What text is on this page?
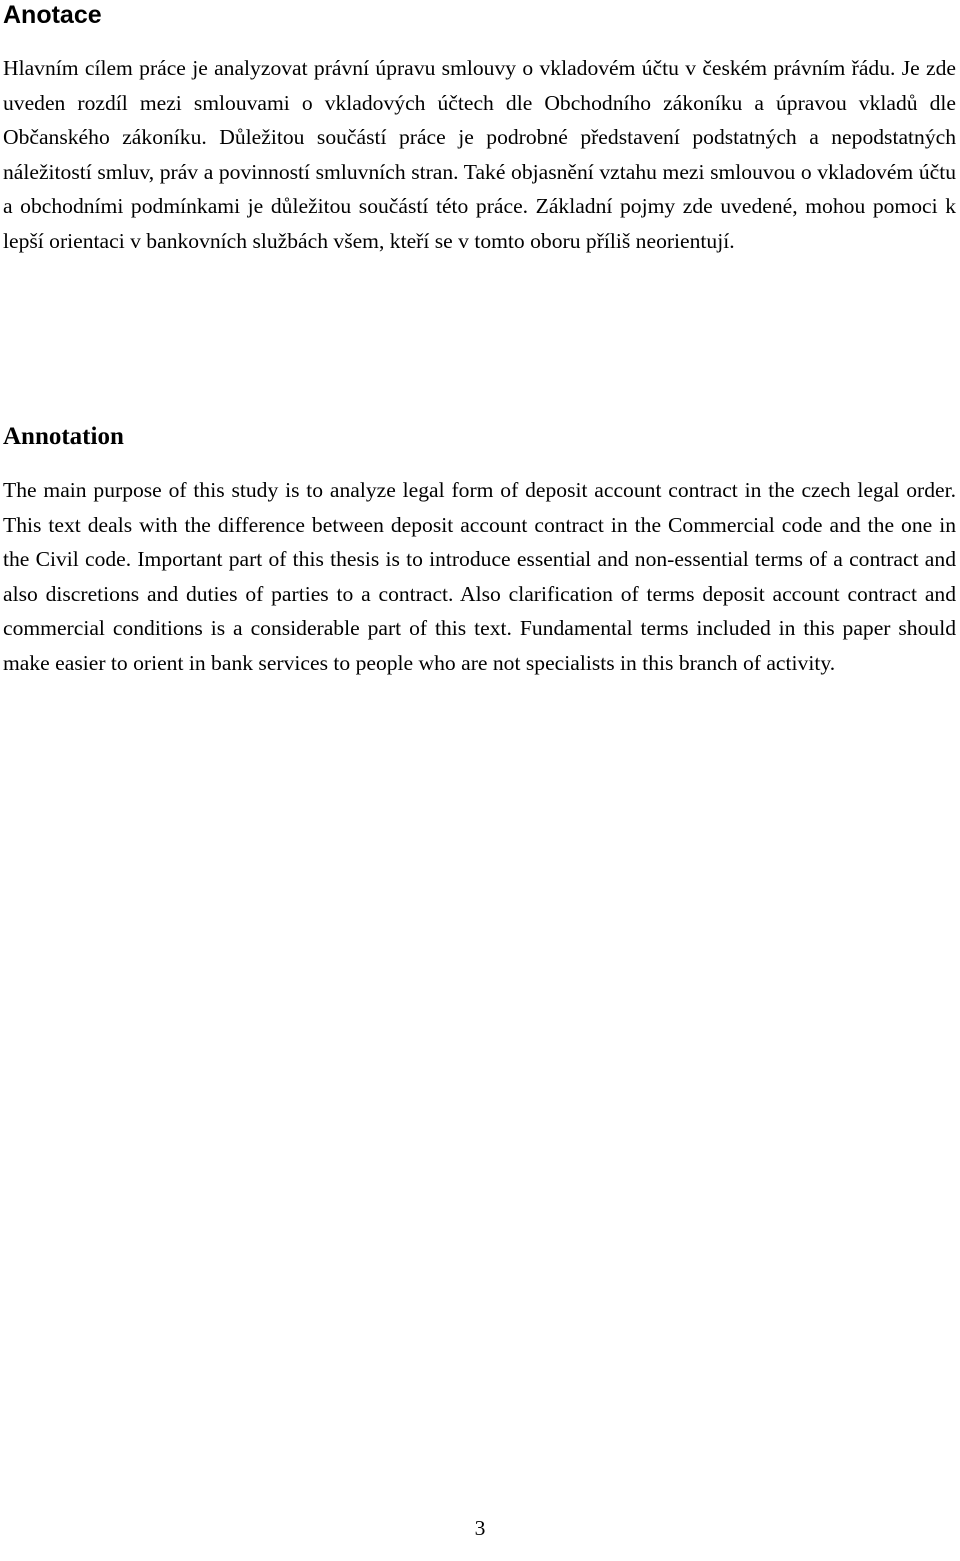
Anotace

Hlavním cílem práce je analyzovat právní úpravu smlouvy o vkladovém účtu v českém právním řádu. Je zde uveden rozdíl mezi smlouvami o vkladových účtech dle Obchodního zákoníku a úpravou vkladů dle Občanského zákoníku. Důležitou součástí práce je podrobné představení podstatných a nepodstatných náležitostí smluv, práv a povinností smluvních stran. Také objasnění vztahu mezi smlouvou o vkladovém účtu a obchodními podmínkami je důležitou součástí této práce. Základní pojmy zde uvedené, mohou pomoci k lepší orientaci v bankovních službách všem, kteří se v tomto oboru příliš neorientují.

Annotation

The main purpose of this study is to analyze legal form of deposit account contract in the czech legal order. This text deals with the difference between deposit account contract in the Commercial code and the one in the Civil code. Important part of this thesis is to introduce essential and non-essential terms of a contract and also discretions and duties of parties to a contract. Also clarification of terms deposit account contract and commercial conditions is a considerable part of this text. Fundamental terms included in this paper should make easier to orient in bank services to people who are not specialists in this branch of activity.

3
